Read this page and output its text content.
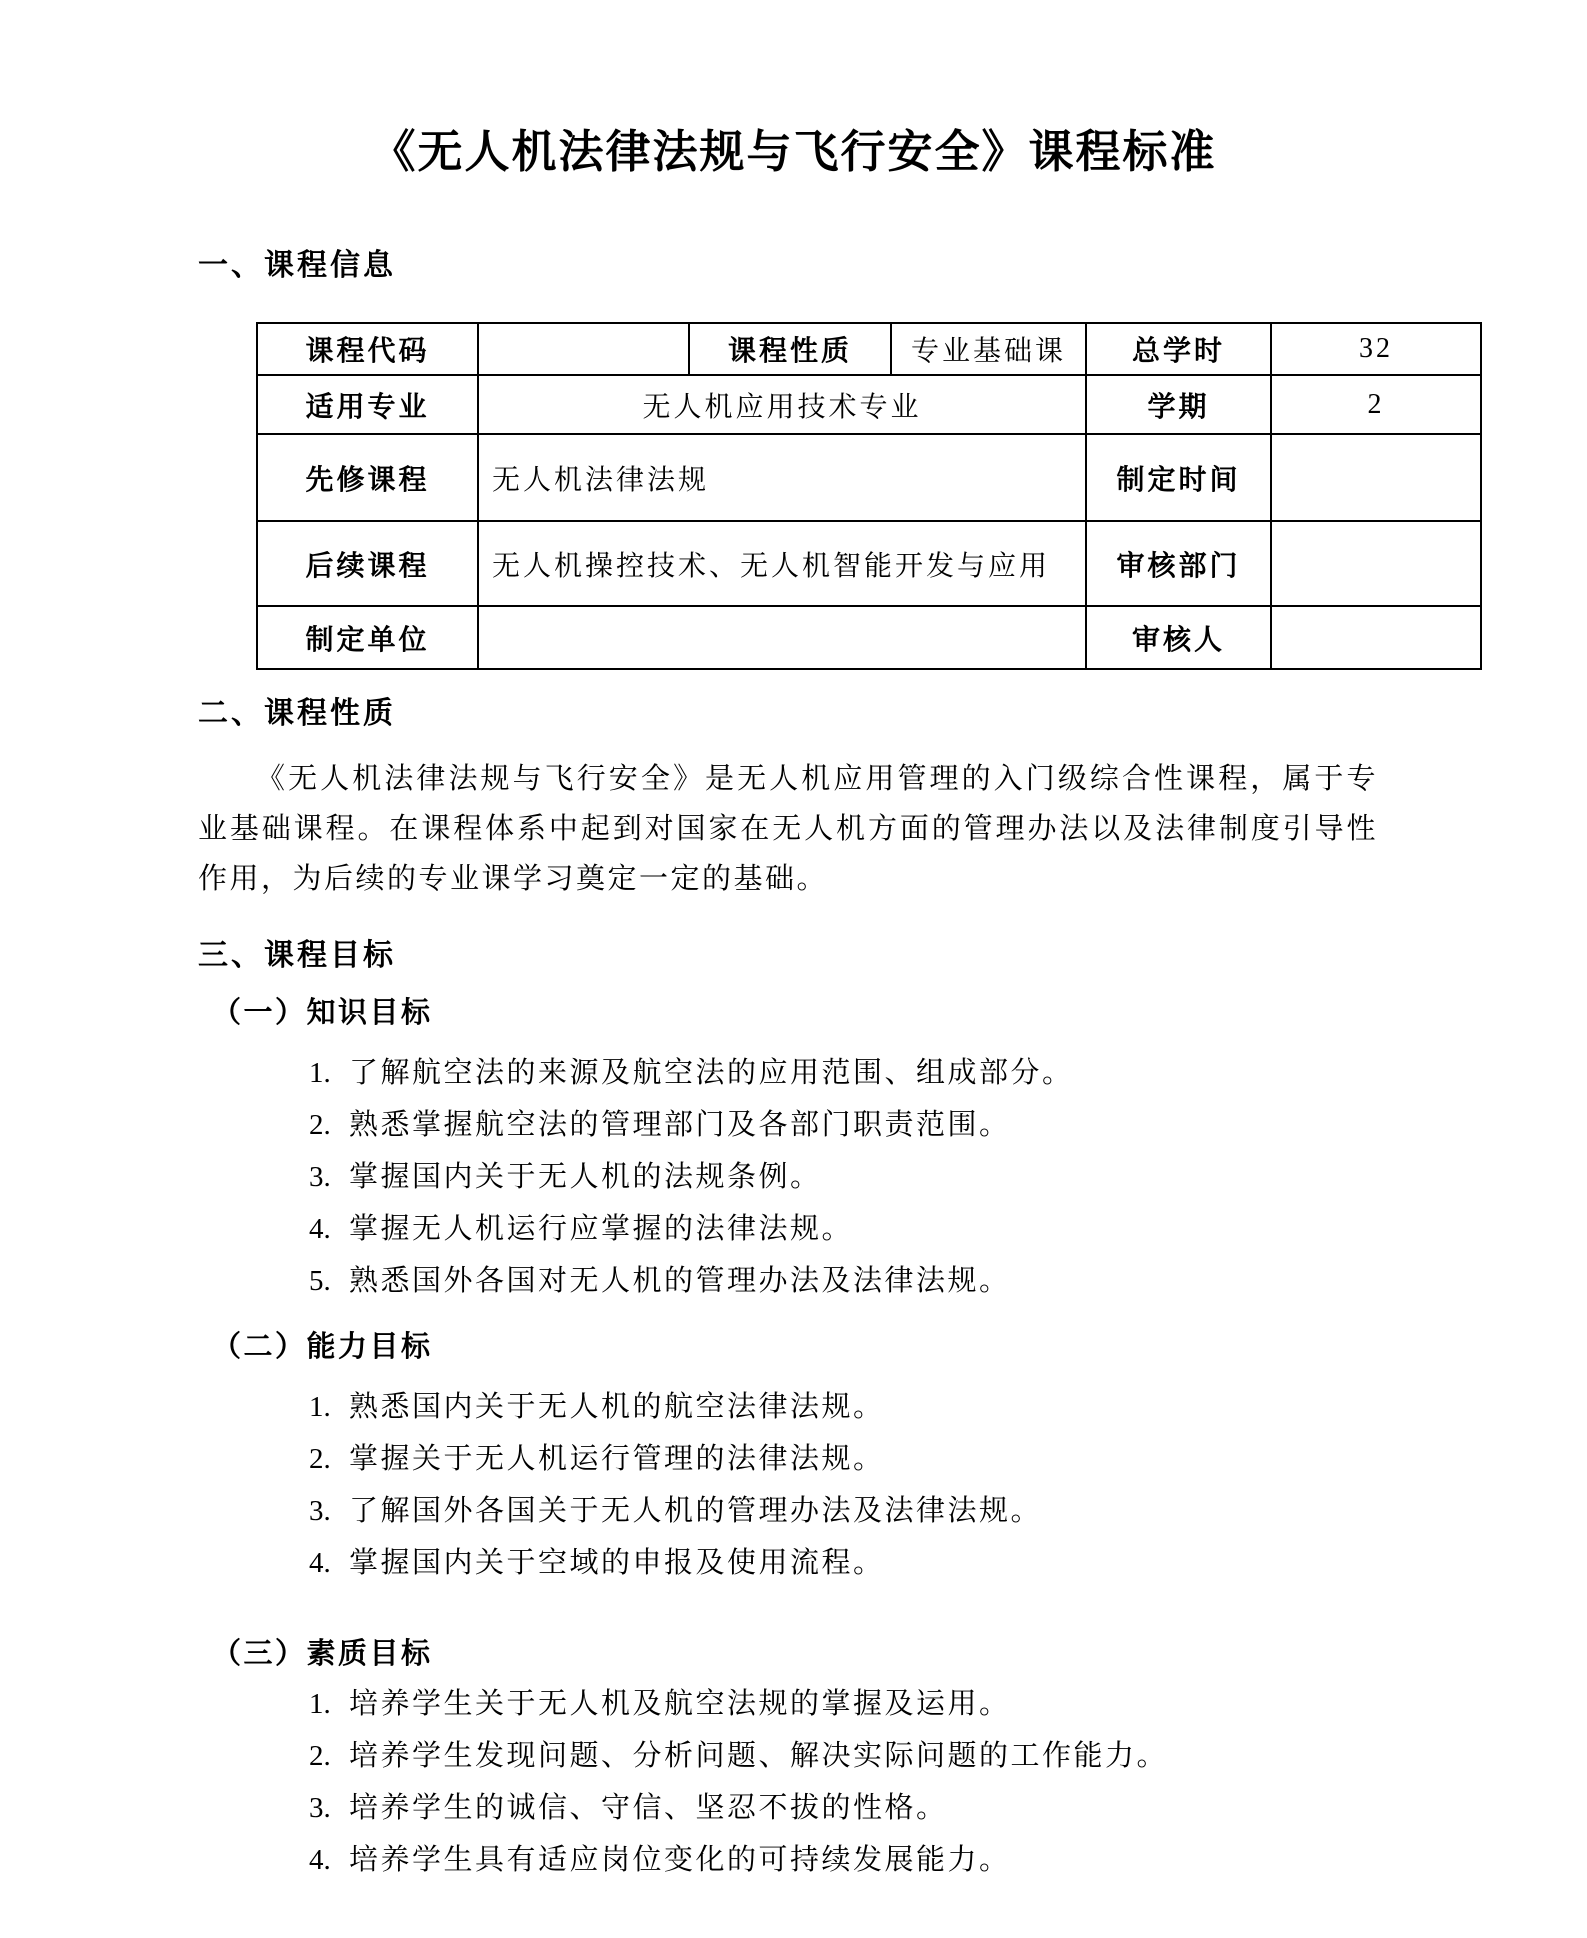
《无人机法律法规与飞行安全》课程标准
一、课程信息
课程代码		课程性质	专业基础课	总学时	32
适用专业	无人机应用技术专业			学期	2
先修课程	无人机法律法规			制定时间	
后续课程	无人机操控技术、无人机智能开发与应用			审核部门	
制定单位				审核人	
二、课程性质

《无人机法律法规与飞行安全》是无人机应用管理的入门级综合性课程，属于专业基础课程。在课程体系中起到对国家在无人机方面的管理办法以及法律制度引导性作用，为后续的专业课学习奠定一定的基础。

三、课程目标
（一）知识目标
1. 了解航空法的来源及航空法的应用范围、组成部分。
2. 熟悉掌握航空法的管理部门及各部门职责范围。
3. 掌握国内关于无人机的法规条例。
4. 掌握无人机运行应掌握的法律法规。
5. 熟悉国外各国对无人机的管理办法及法律法规。
（二）能力目标
1. 熟悉国内关于无人机的航空法律法规。
2. 掌握关于无人机运行管理的法律法规。
3. 了解国外各国关于无人机的管理办法及法律法规。
4. 掌握国内关于空域的申报及使用流程。
（三）素质目标
1. 培养学生关于无人机及航空法规的掌握及运用。
2. 培养学生发现问题、分析问题、解决实际问题的工作能力。
3. 培养学生的诚信、守信、坚忍不拔的性格。
4. 培养学生具有适应岗位变化的可持续发展能力。
